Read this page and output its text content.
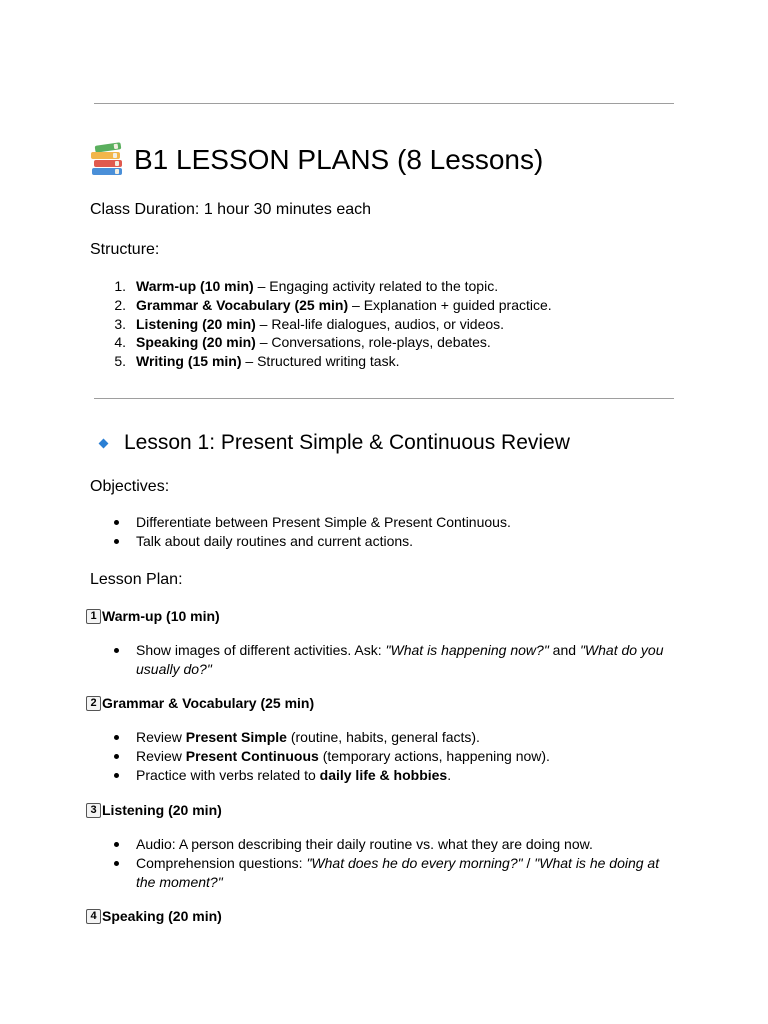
B1 LESSON PLANS (8 Lessons)
Class Duration: 1 hour 30 minutes each
Structure:
1. Warm-up (10 min) – Engaging activity related to the topic.
2. Grammar & Vocabulary (25 min) – Explanation + guided practice.
3. Listening (20 min) – Real-life dialogues, audios, or videos.
4. Speaking (20 min) – Conversations, role-plays, debates.
5. Writing (15 min) – Structured writing task.
Lesson 1: Present Simple & Continuous Review
Objectives:
Differentiate between Present Simple & Present Continuous.
Talk about daily routines and current actions.
Lesson Plan:
1 Warm-up (10 min)
Show images of different activities. Ask: "What is happening now?" and "What do you usually do?"
2 Grammar & Vocabulary (25 min)
Review Present Simple (routine, habits, general facts).
Review Present Continuous (temporary actions, happening now).
Practice with verbs related to daily life & hobbies.
3 Listening (20 min)
Audio: A person describing their daily routine vs. what they are doing now.
Comprehension questions: "What does he do every morning?" / "What is he doing at the moment?"
4 Speaking (20 min)
